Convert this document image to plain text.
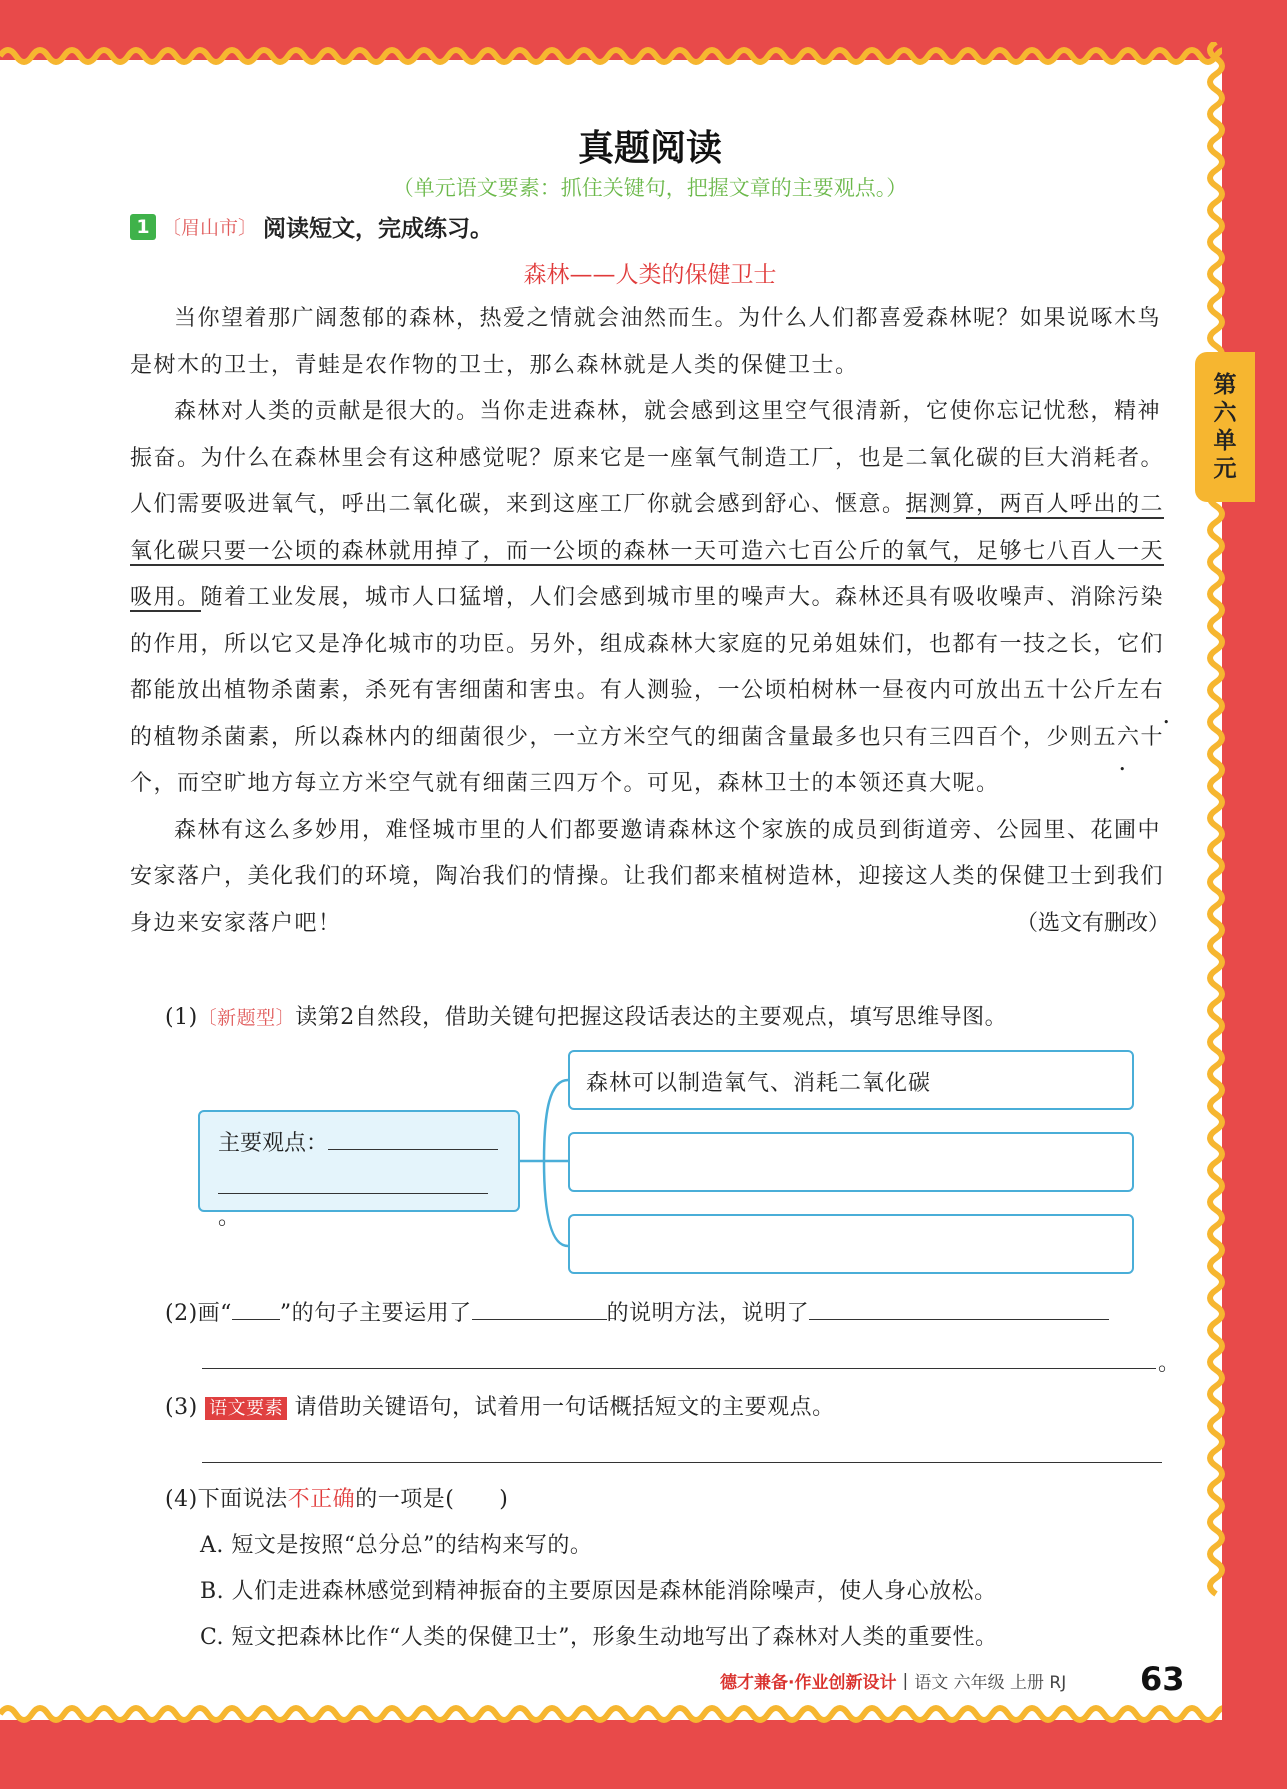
真题阅读
（单元语文要素：抓住关键句，把握文章的主要观点。）
1 〔眉山市〕 阅读短文，完成练习。
森林——人类的保健卫士

当你望着那广阔葱郁的森林，热爱之情就会油然而生。为什么人们都喜爱森林呢？如果说啄木鸟是树木的卫士，青蛙是农作物的卫士，那么森林就是人类的保健卫士。

森林对人类的贡献是很大的。当你走进森林，就会感到这里空气很清新，它使你忘记忧愁，精神振奋。为什么在森林里会有这种感觉呢？原来它是一座氧气制造工厂，也是二氧化碳的巨大消耗者。人们需要吸进氧气，呼出二氧化碳，来到这座工厂你就会感到舒心、惬意。据测算，两百人呼出的二氧化碳只要一公顷的森林就用掉了，而一公顷的森林一天可造六七百公斤的氧气，足够七八百人一天吸用。随着工业发展，城市人口猛增，人们会感到城市里的噪声大。森林还具有吸收噪声、消除污染的作用，所以它又是净化城市的功臣。另外，组成森林大家庭的兄弟姐妹们，也都有一技之长，它们都能放出植物杀菌素，杀死有害细菌和害虫。有人测验，一公顷柏树林一昼夜内可放出五十公斤左右 • •的植物杀菌素，所以森林内的细菌很少，一立方米空气的细菌含量最多也只有三四百个，少则五六十个，而空旷地方每立方米空气就有细菌三四万个。可见，森林卫士的本领还真大呢。

森林有这么多妙用，难怪城市里的人们都要邀请森林这个家族的成员到街道旁、公园里、花圃中安家落户，美化我们的环境，陶冶我们的情操。让我们都来植树造林，迎接这人类的保健卫士到我们身边来安家落户吧！	（选文有删改）

(1)〔新题型〕读第2自然段，借助关键句把握这段话表达的主要观点，填写思维导图。
主要观点：
。
森林可以制造氧气、消耗二氧化碳
(2)画“ ”的句子主要运用了	的说明方法，说明了
。
(3) 语文要素 请借助关键语句，试着用一句话概括短文的主要观点。
(4)下面说法不正确的一项是(　　)
A. 短文是按照“总分总”的结构来写的。
B. 人们走进森林感觉到精神振奋的主要原因是森林能消除噪声，使人身心放松。
C. 短文把森林比作“人类的保健卫士”，形象生动地写出了森林对人类的重要性。
第
六
单
元
德才兼备·作业创新设计 | 语文 六年级 上册 RJ 63
